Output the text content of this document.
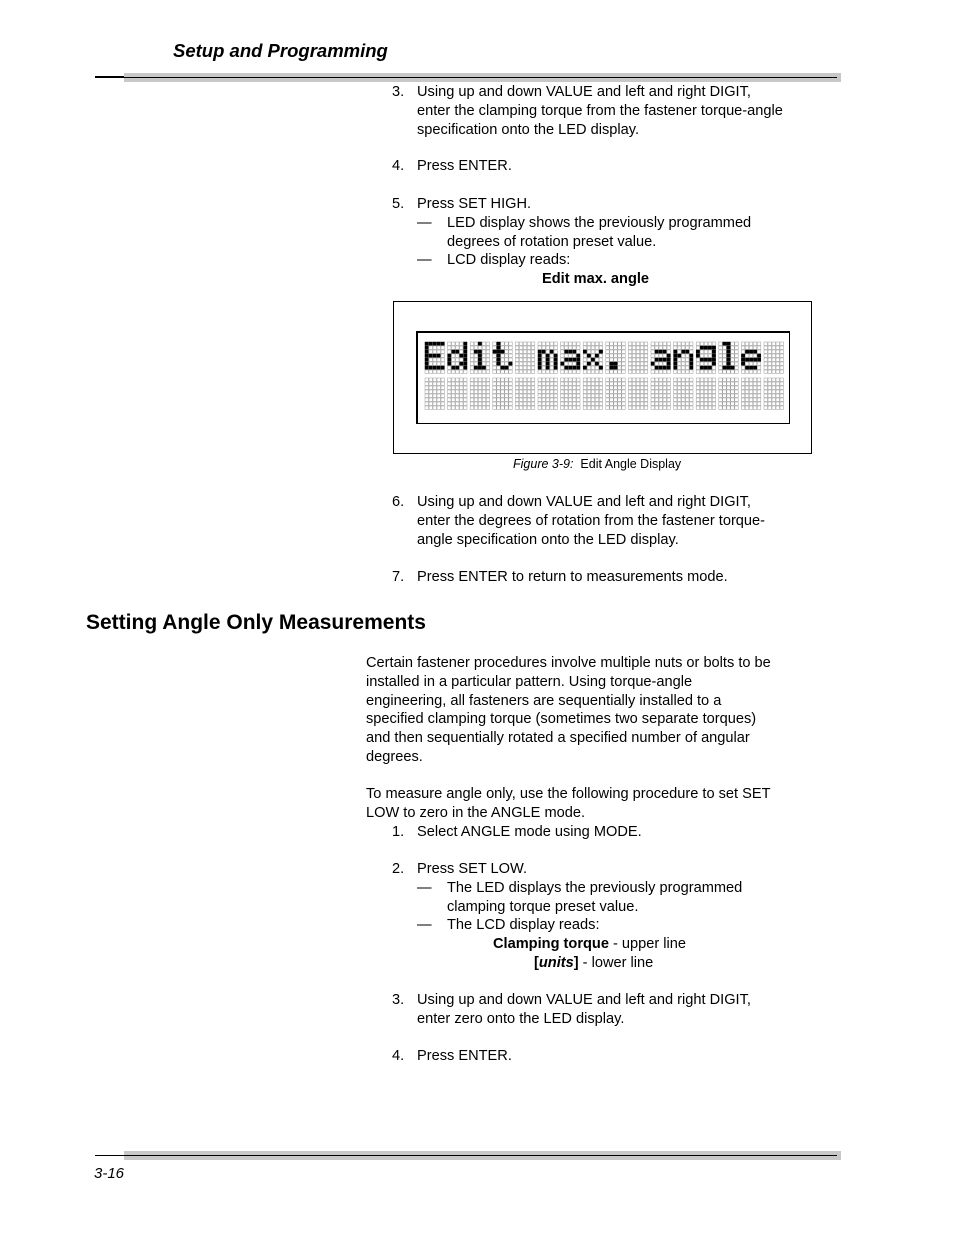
Setup and Programming
3. Using up and down VALUE and left and right DIGIT,
enter the clamping torque from the fastener torque-angle
specification onto the LED display.
4. Press ENTER.
5. Press SET HIGH.
— LED display shows the previously programmed
degrees of rotation preset value.
— LCD display reads:
Edit max. angle
Figure 3-9: Edit Angle Display
6. Using up and down VALUE and left and right DIGIT,
enter the degrees of rotation from the fastener torque-
angle specification onto the LED display.
7. Press ENTER to return to measurements mode.
Setting Angle Only Measurements
Certain fastener procedures involve multiple nuts or bolts to be
installed in a particular pattern. Using torque-angle
engineering, all fasteners are sequentially installed to a
specified clamping torque (sometimes two separate torques)
and then sequentially rotated a specified number of angular
degrees.
To measure angle only, use the following procedure to set SET
LOW to zero in the ANGLE mode.
1. Select ANGLE mode using MODE.
2. Press SET LOW.
— The LED displays the previously programmed
clamping torque preset value.
— The LCD display reads:
Clamping torque - upper line
[units] - lower line
3. Using up and down VALUE and left and right DIGIT,
enter zero onto the LED display.
4. Press ENTER.
3-16
